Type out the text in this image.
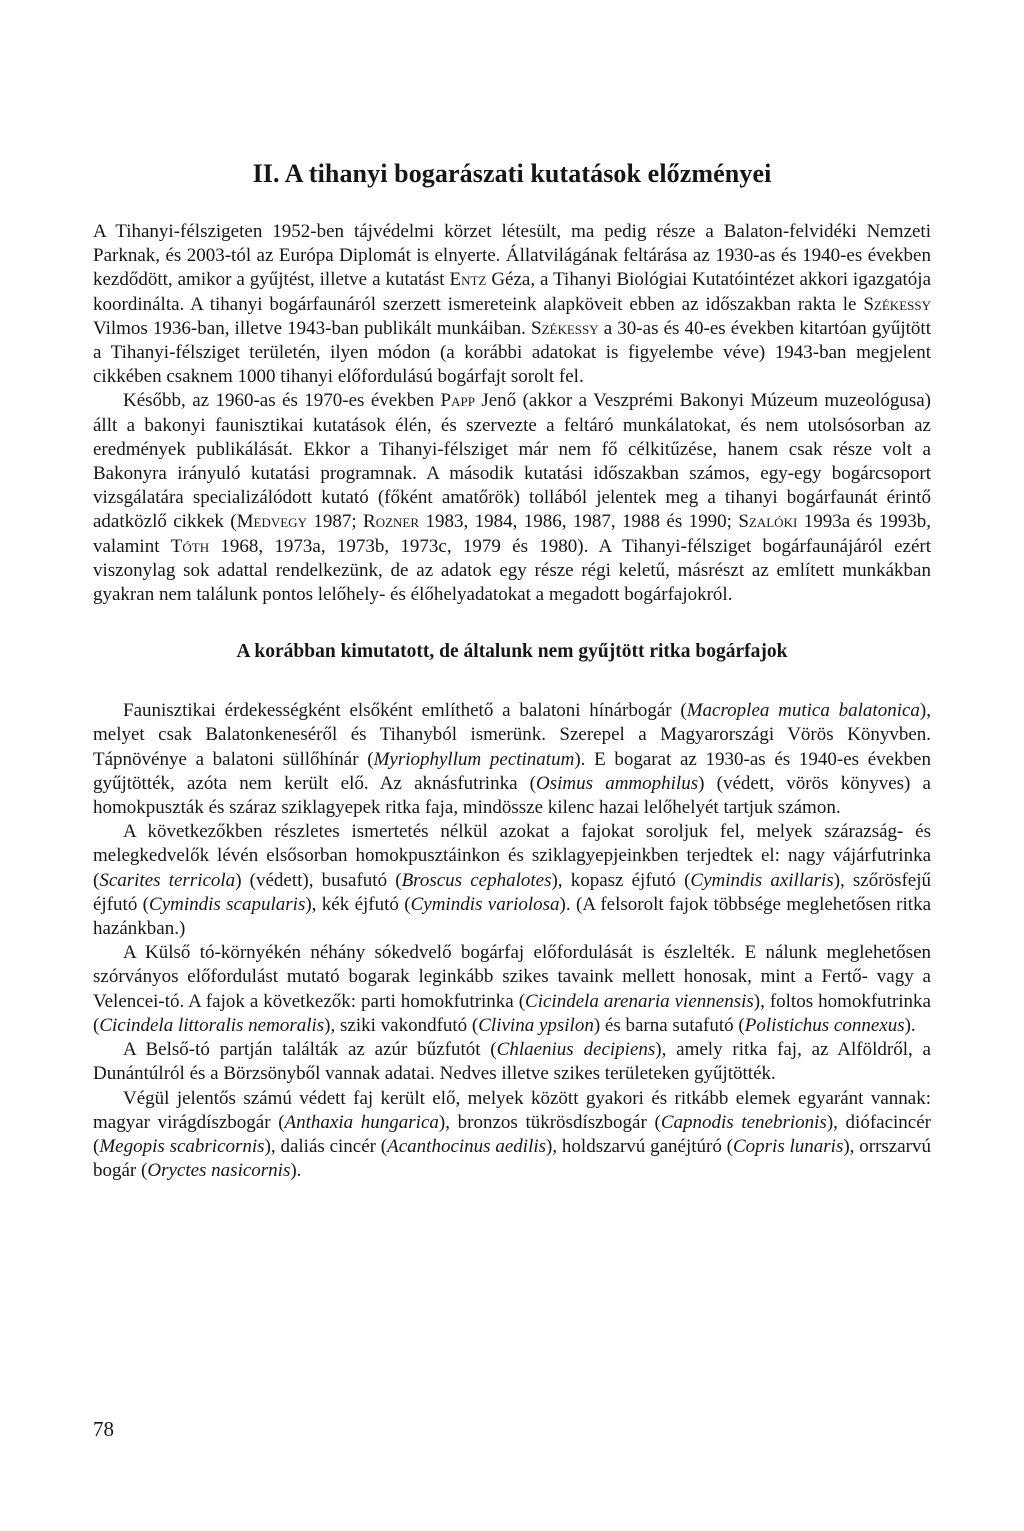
II. A tihanyi bogarászati kutatások előzményei

A Tihanyi-félszigeten 1952-ben tájvédelmi körzet létesült, ma pedig része a Balaton-felvidéki Nemzeti Parknak, és 2003-tól az Európa Diplomát is elnyerte. Állatvilágának feltárása az 1930-as és 1940-es években kezdődött, amikor a gyűjtést, illetve a kutatást Entz Géza, a Tihanyi Biológiai Kutatóintézet akkori igazgatója koordinálta. A tihanyi bogárfaunáról szerzett ismereteink alapköveit ebben az időszakban rakta le Székessy Vilmos 1936-ban, illetve 1943-ban publikált munkáiban. Székessy a 30-as és 40-es években kitartóan gyűjtött a Tihanyi-félsziget területén, ilyen módon (a korábbi adatokat is figyelembe véve) 1943-ban megjelent cikkében csaknem 1000 tihanyi előfordulású bogárfajt sorolt fel.

Később, az 1960-as és 1970-es években Papp Jenő (akkor a Veszprémi Bakonyi Múzeum muzeológusa) állt a bakonyi faunisztikai kutatások élén, és szervezte a feltáró munkálatokat, és nem utolsósorban az eredmények publikálását. Ekkor a Tihanyi-félsziget már nem fő célkitűzése, hanem csak része volt a Bakonyra irányuló kutatási programnak. A második kutatási időszakban számos, egy-egy bogárcsoport vizsgálatára specializálódott kutató (főként amatőrök) tollából jelentek meg a tihanyi bogárfaunát érintő adatközlő cikkek (Medvegy 1987; Rozner 1983, 1984, 1986, 1987, 1988 és 1990; Szalóki 1993a és 1993b, valamint Tóth 1968, 1973a, 1973b, 1973c, 1979 és 1980). A Tihanyi-félsziget bogárfaunájáról ezért viszonylag sok adattal rendelkezünk, de az adatok egy része régi keletű, másrészt az említett munkákban gyakran nem találunk pontos lelőhely- és élőhelyadatokat a megadott bogárfajokról.

A korábban kimutatott, de általunk nem gyűjtött ritka bogárfajok

Faunisztikai érdekességként elsőként említhető a balatoni hínárbogár (Macroplea mutica balatonica), melyet csak Balatonkeneséről és Tihanyból ismerünk. Szerepel a Magyarországi Vörös Könyvben. Tápnövénye a balatoni süllőhínár (Myriophyllum pectinatum). E bogarat az 1930-as és 1940-es években gyűjtötték, azóta nem került elő. Az aknásfutrinka (Osimus ammophilus) (védett, vörös könyves) a homokpuszták és száraz sziklagyepek ritka faja, mindössze kilenc hazai lelőhelyét tartjuk számon.

A következőkben részletes ismertetés nélkül azokat a fajokat soroljuk fel, melyek szárazság- és melegkedvelők lévén elsősorban homokpusztáinkon és sziklagyepjeinkben terjedtek el: nagy vájárfutrinka (Scarites terricola) (védett), busafutó (Broscus cephalotes), kopasz éjfutó (Cymindis axillaris), szőrösfejű éjfutó (Cymindis scapularis), kék éjfutó (Cymindis variolosa). (A felsorolt fajok többsége meglehetősen ritka hazánkban.)

A Külső tó-környékén néhány sókedvelő bogárfaj előfordulását is észlelték. E nálunk meglehetősen szórványos előfordulást mutató bogarak leginkább szikes tavaink mellett honosak, mint a Fertő- vagy a Velencei-tó. A fajok a következők: parti homokfutrinka (Cicindela arenaria viennensis), foltos homokfutrinka (Cicindela littoralis nemoralis), sziki vakondfutó (Clivina ypsilon) és barna sutafutó (Polistichus connexus).

A Belső-tó partján találták az azúr bűzfutót (Chlaenius decipiens), amely ritka faj, az Alföldről, a Dunántúlról és a Börzsönyből vannak adatai. Nedves illetve szikes területeken gyűjtötték.

Végül jelentős számú védett faj került elő, melyek között gyakori és ritkább elemek egyaránt vannak: magyar virágdíszbogár (Anthaxia hungarica), bronzos tükrösdíszbogár (Capnodis tenebrionis), diófacincér (Megopis scabricornis), daliás cincér (Acanthocinus aedilis), holdszarvú ganéjtúró (Copris lunaris), orrszarvú bogár (Oryctes nasicornis).

78
